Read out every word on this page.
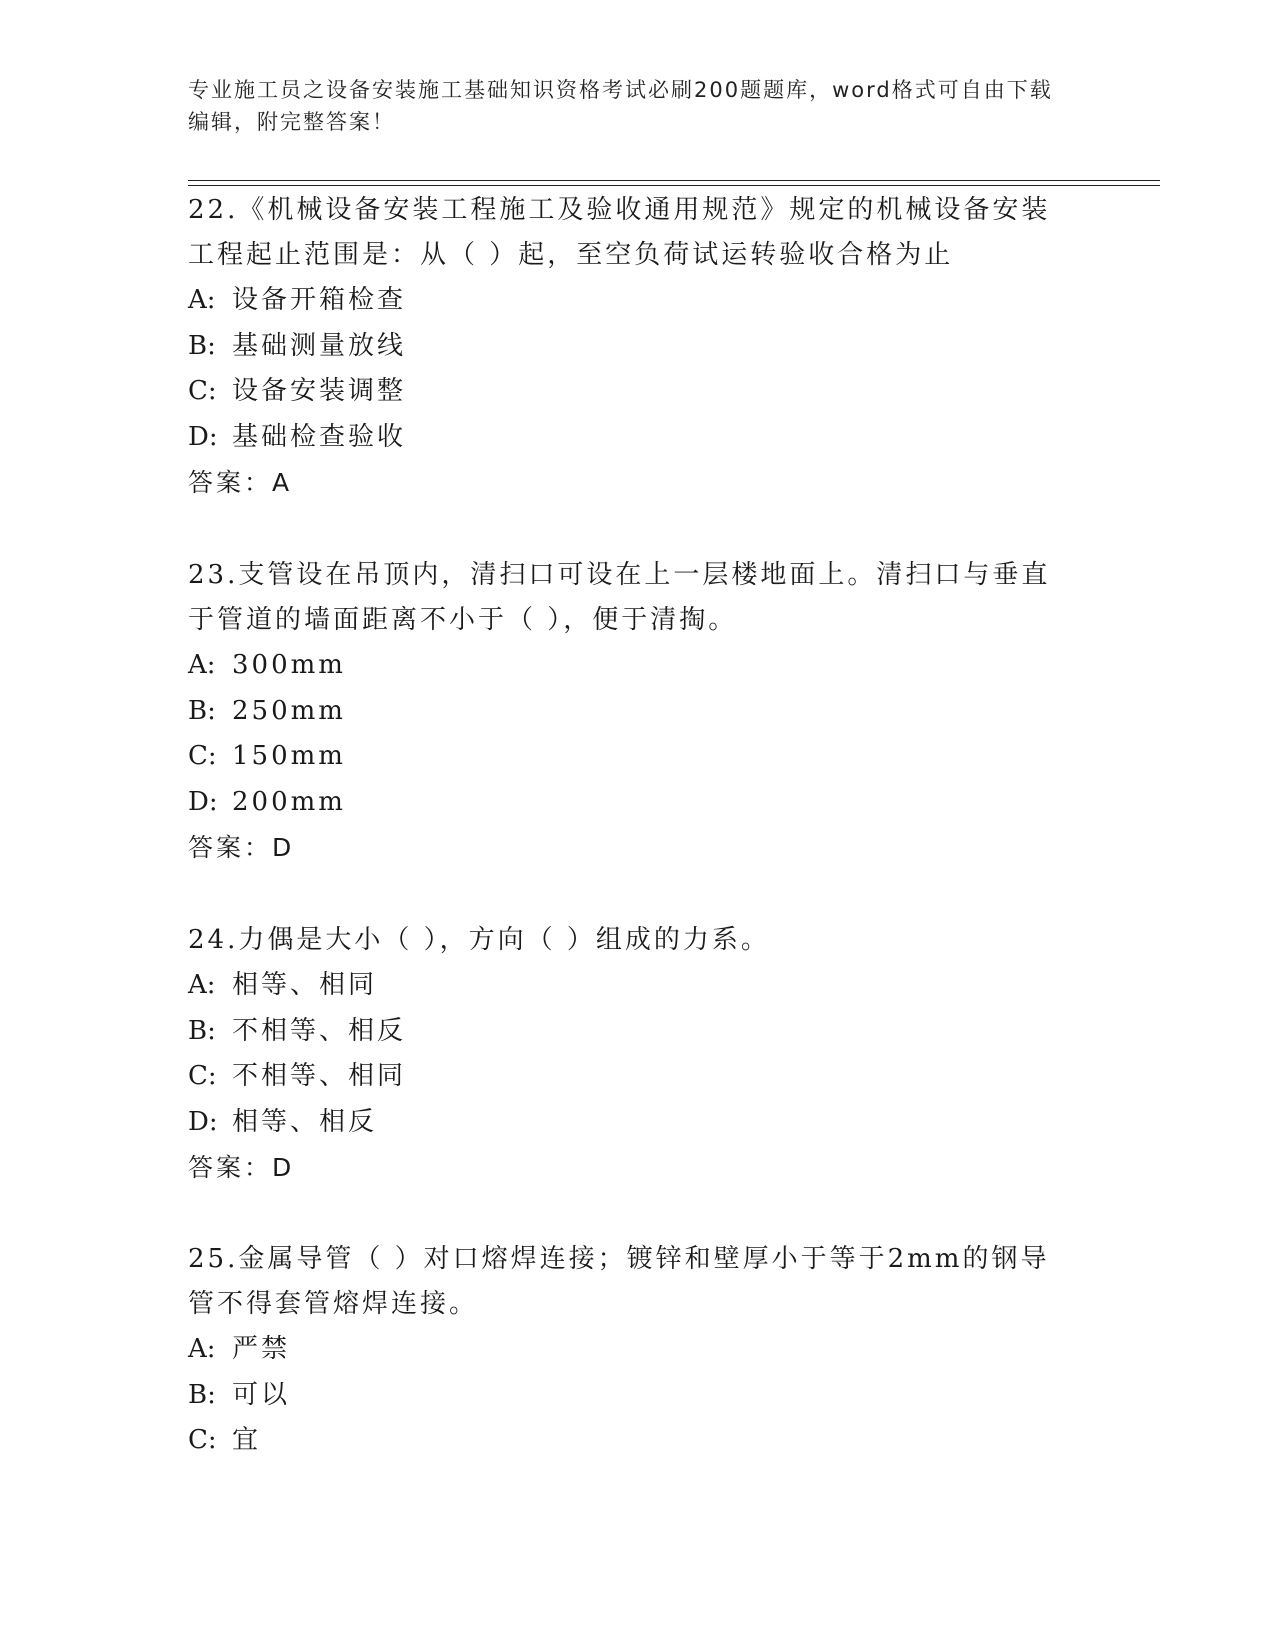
专业施工员之设备安装施工基础知识资格考试必刷200题题库，word格式可自由下载编辑，附完整答案！

22.《机械设备安装工程施工及验收通用规范》规定的机械设备安装工程起止范围是：从（ ）起，至空负荷试运转验收合格为止

A: 设备开箱检查

B: 基础测量放线

C: 设备安装调整

D: 基础检查验收

答案：A

23.支管设在吊顶内，清扫口可设在上一层楼地面上。清扫口与垂直于管道的墙面距离不小于（ ），便于清掏。

A: 300mm

B: 250mm

C: 150mm

D: 200mm

答案：D

24.力偶是大小（ ），方向（ ）组成的力系。

A: 相等、相同

B: 不相等、相反

C: 不相等、相同

D: 相等、相反

答案：D

25.金属导管（ ）对口熔焊连接；镀锌和壁厚小于等于2mm的钢导管不得套管熔焊连接。

A: 严禁

B: 可以

C: 宜
